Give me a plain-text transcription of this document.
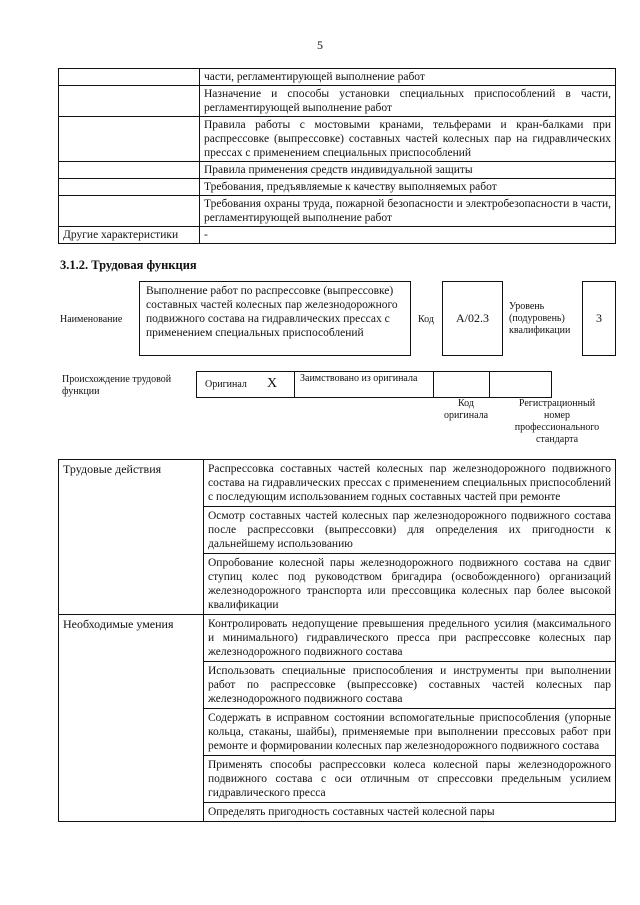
5
	части, регламентирующей выполнение работ
	Назначение и способы установки специальных приспособлений в части, регламентирующей выполнение работ
	Правила работы с мостовыми кранами, тельферами и кран-балками при распрессовке (выпрессовке) составных частей колесных пар на гидравлических прессах с применением специальных приспособлений
	Правила применения средств индивидуальной защиты
	Требования, предъявляемые к качеству выполняемых работ
	Требования охраны труда, пожарной безопасности и электробезопасности в части, регламентирующей выполнение работ
Другие характеристики	-
3.1.2. Трудовая функция
Наименование
Выполнение работ по распрессовке (выпрессовке) составных частей колесных пар железнодорожного подвижного состава на гидравлических прессах с применением специальных приспособлений
Код	А/02.3
Уровень (подуровень) квалификации
3
Происхождение трудовой функции
Оригинал X Заимствовано из оригинала
Код оригинала
Регистрационный номер профессионального стандарта
Трудовые действия	Распрессовка составных частей колесных пар железнодорожного подвижного состава на гидравлических прессах с применением специальных приспособлений с последующим использованием годных составных частей при ремонте
	Осмотр составных частей колесных пар железнодорожного подвижного состава после распрессовки (выпрессовки) для определения их пригодности к дальнейшему использованию
	Опробование колесной пары железнодорожного подвижного состава на сдвиг ступиц колес под руководством бригадира (освобожденного) организаций железнодорожного транспорта или прессовщика колесных пар более высокой квалификации
Необходимые умения	Контролировать недопущение превышения предельного усилия (максимального и минимального) гидравлического пресса при распрессовке колесных пар железнодорожного подвижного состава
	Использовать специальные приспособления и инструменты при выполнении работ по распрессовке (выпрессовке) составных частей колесных пар железнодорожного подвижного состава
	Содержать в исправном состоянии вспомогательные приспособления (упорные кольца, стаканы, шайбы), применяемые при выполнении прессовых работ при ремонте и формировании колесных пар железнодорожного подвижного состава
	Применять способы распрессовки колеса колесной пары железнодорожного подвижного состава с оси отличным от спрессовки предельным усилием гидравлического пресса
	Определять пригодность составных частей колесной пары
